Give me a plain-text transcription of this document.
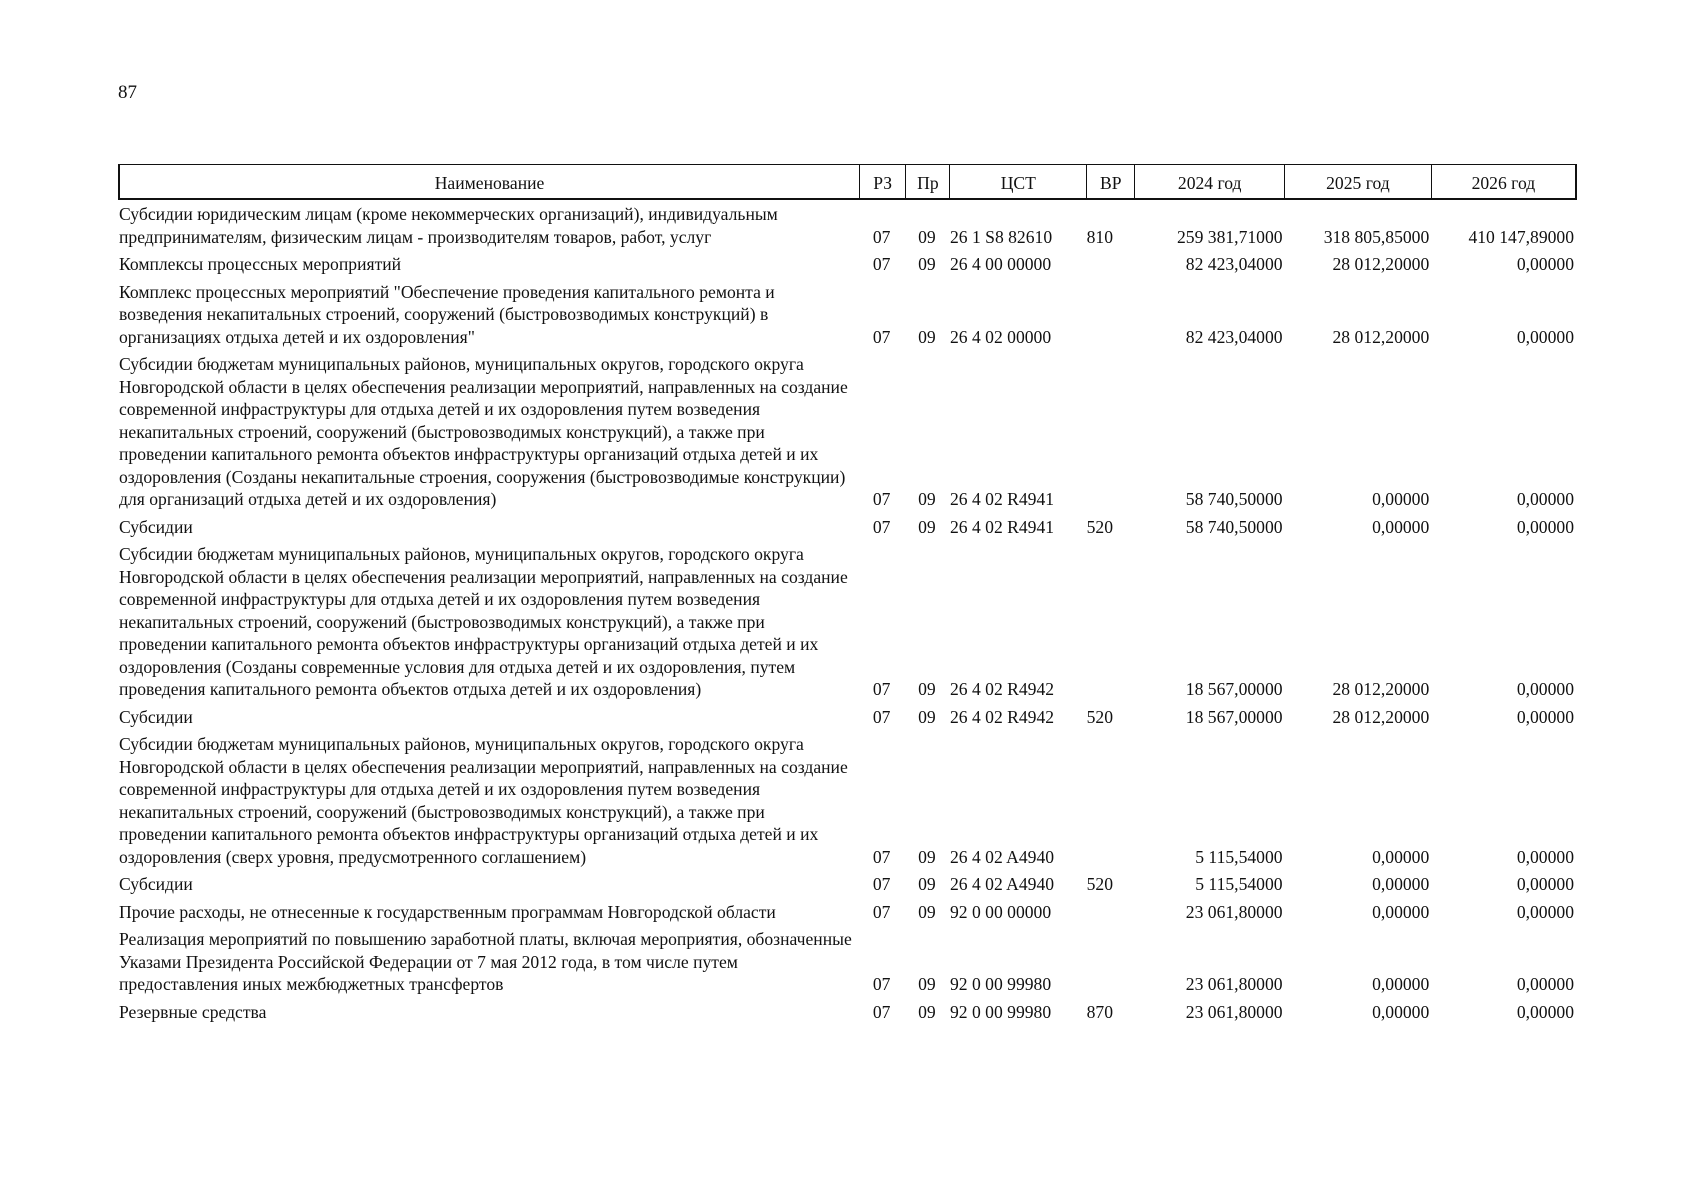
87
Наименование	РЗ	Пр	ЦСТ	ВР	2024 год	2025 год	2026 год
Субсидии юридическим лицам (кроме некоммерческих организаций), индивидуальным предпринимателям, физическим лицам - производителям товаров, работ, услуг	07	09	26 1 S8 82610	810	259 381,71000	318 805,85000	410 147,89000
Комплексы процессных мероприятий	07	09	26 4 00 00000		82 423,04000	28 012,20000	0,00000
Комплекс процессных мероприятий "Обеспечение проведения капитального ремонта и возведения некапитальных строений, сооружений (быстровозводимых конструкций) в организациях отдыха детей и их оздоровления"	07	09	26 4 02 00000		82 423,04000	28 012,20000	0,00000
Субсидии бюджетам муниципальных районов, муниципальных округов, городского округа Новгородской области в целях обеспечения реализации мероприятий, направленных на создание современной инфраструктуры для отдыха детей и их оздоровления путем возведения некапитальных строений, сооружений (быстровозводимых конструкций), а также при проведении капитального ремонта объектов инфраструктуры организаций отдыха детей и их оздоровления (Созданы некапитальные строения, сооружения (быстровозводимые конструкции) для организаций отдыха детей и их оздоровления)	07	09	26 4 02 R4941		58 740,50000	0,00000	0,00000
Субсидии	07	09	26 4 02 R4941	520	58 740,50000	0,00000	0,00000
Субсидии бюджетам муниципальных районов, муниципальных округов, городского округа Новгородской области в целях обеспечения реализации мероприятий, направленных на создание современной инфраструктуры для отдыха детей и их оздоровления путем возведения некапитальных строений, сооружений (быстровозводимых конструкций), а также при проведении капитального ремонта объектов инфраструктуры организаций отдыха детей и их оздоровления (Созданы современные условия для отдыха детей и их оздоровления, путем проведения капитального ремонта объектов отдыха детей и их оздоровления)	07	09	26 4 02 R4942		18 567,00000	28 012,20000	0,00000
Субсидии	07	09	26 4 02 R4942	520	18 567,00000	28 012,20000	0,00000
Субсидии бюджетам муниципальных районов, муниципальных округов, городского округа Новгородской области в целях обеспечения реализации мероприятий, направленных на создание современной инфраструктуры для отдыха детей и их оздоровления путем возведения некапитальных строений, сооружений (быстровозводимых конструкций), а также при проведении капитального ремонта объектов инфраструктуры организаций отдыха детей и их оздоровления (сверх уровня, предусмотренного соглашением)	07	09	26 4 02 A4940		5 115,54000	0,00000	0,00000
Субсидии	07	09	26 4 02 A4940	520	5 115,54000	0,00000	0,00000
Прочие расходы, не отнесенные к государственным программам Новгородской области	07	09	92 0 00 00000		23 061,80000	0,00000	0,00000
Реализация мероприятий по повышению заработной платы, включая мероприятия, обозначенные Указами Президента Российской Федерации от 7 мая 2012 года, в том числе путем предоставления иных межбюджетных трансфертов	07	09	92 0 00 99980		23 061,80000	0,00000	0,00000
Резервные средства	07	09	92 0 00 99980	870	23 061,80000	0,00000	0,00000
